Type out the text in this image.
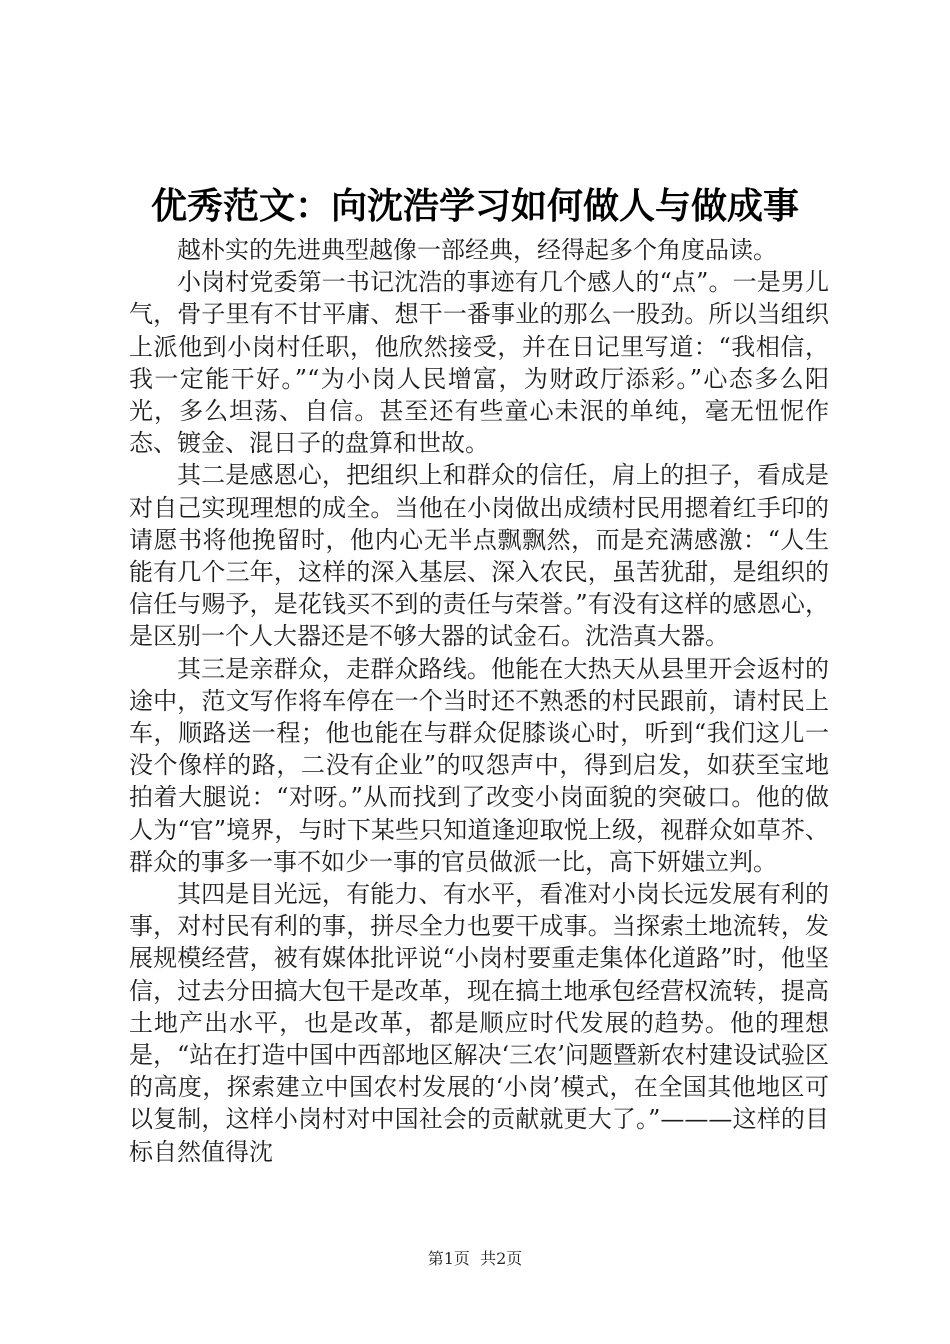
优秀范文：向沈浩学习如何做人与做成事

越朴实的先进典型越像一部经典，经得起多个角度品读。

小岗村党委第一书记沈浩的事迹有几个感人的“点”。一是男儿气，骨子里有不甘平庸、想干一番事业的那么一股劲。所以当组织上派他到小岗村任职，他欣然接受，并在日记里写道：“我相信，我一定能干好。”“为小岗人民增富，为财政厅添彩。”心态多么阳光，多么坦荡、自信。甚至还有些童心未泯的单纯，毫无忸怩作态、镀金、混日子的盘算和世故。

其二是感恩心，把组织上和群众的信任，肩上的担子，看成是对自己实现理想的成全。当他在小岗做出成绩村民用摁着红手印的请愿书将他挽留时，他内心无半点飘飘然，而是充满感激：“人生能有几个三年，这样的深入基层、深入农民，虽苦犹甜，是组织的信任与赐予，是花钱买不到的责任与荣誉。”有没有这样的感恩心，是区别一个人大器还是不够大器的试金石。沈浩真大器。

其三是亲群众，走群众路线。他能在大热天从县里开会返村的途中，范文写作将车停在一个当时还不熟悉的村民跟前，请村民上车，顺路送一程；他也能在与群众促膝谈心时，听到“我们这儿一没个像样的路，二没有企业”的叹怨声中，得到启发，如获至宝地拍着大腿说：“对呀。”从而找到了改变小岗面貌的突破口。他的做人为“官”境界，与时下某些只知道逢迎取悦上级，视群众如草芥、群众的事多一事不如少一事的官员做派一比，高下妍媸立判。

其四是目光远，有能力、有水平，看准对小岗长远发展有利的事，对村民有利的事，拼尽全力也要干成事。当探索土地流转，发展规模经营，被有媒体批评说“小岗村要重走集体化道路”时，他坚信，过去分田搞大包干是改革，现在搞土地承包经营权流转，提高土地产出水平，也是改革，都是顺应时代发展的趋势。他的理想是，“站在打造中国中西部地区解决‘三农’问题暨新农村建设试验区的高度，探索建立中国农村发展的‘小岗’模式，在全国其他地区可以复制，这样小岗村对中国社会的贡献就更大了。”———这样的目标自然值得沈

第1页 共2页
